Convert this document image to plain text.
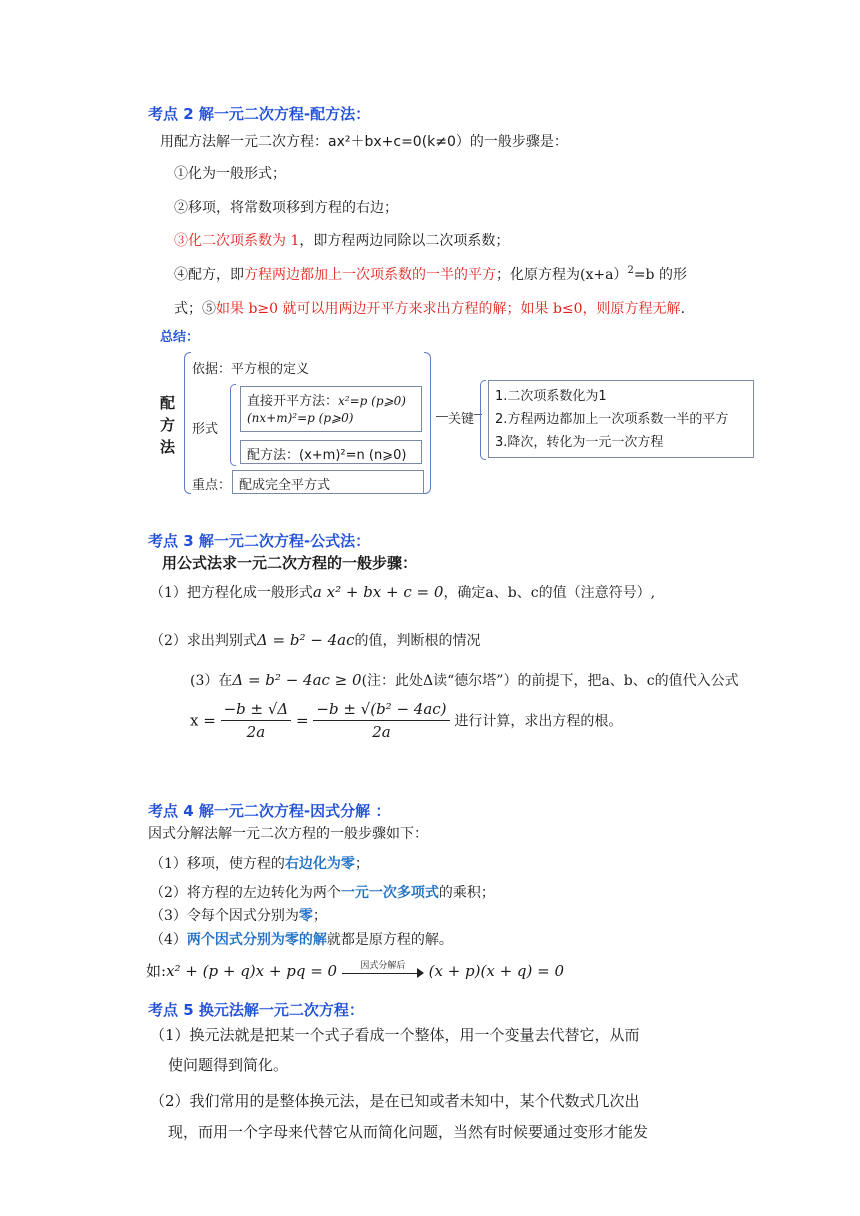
考点 2 解一元二次方程-配方法：
用配方法解一元二次方程：ax²＋bx+c=0(k≠0）的一般步骤是：
①化为一般形式；
②移项，将常数项移到方程的右边；
③化二次项系数为 1，即方程两边同除以二次项系数；
④配方，即方程两边都加上一次项系数的一半的平方；化原方程为(x+a）$^2$=b 的形
式；⑤如果 b≥0 就可以用两边开平方来求出方程的解；如果 b≤0，则原方程无解.
总结：
配
方
法
依据：平方根的定义
形式
直接开平方法：x²=p (p⩾0)
(nx+m)²=p (p⩾0)
配方法：(x+m)²=n (n⩾0)
重点： 配成完全平方式
关键
1.二次项系数化为1
2.方程两边都加上一次项系数一半的平方
3.降次，转化为一元一次方程
考点 3 解一元二次方程-公式法：
用公式法求一元二次方程的一般步骤：
（1）把方程化成一般形式a x² + bx + c = 0，确定a、b、c的值（注意符号）,
（2）求出判别式Δ = b² − 4ac的值，判断根的情况
(3）在Δ = b² − 4ac ≥ 0(注：此处Δ读“德尔塔”）的前提下，把a、b、c的值代入公式
$x = \frac{-b \pm √\Delta}{2a} = \frac{\text{−b ± √(b² − 4ac)}}{2a}$ 进行计算，求出方程的根。
考点 4 解一元二次方程-因式分解 ：
因式分解法解一元二次方程的一般步骤如下：
（1）移项，使方程的右边化为零；
（2）将方程的左边转化为两个一元一次多项式的乘积；
（3）令每个因式分别为零；
（4）两个因式分别为零的解就都是原方程的解。
如:x² + (p + q)x + pq = 0	因式分解后	(x + p)(x + q) = 0
考点 5 换元法解一元二次方程：
（1）换元法就是把某一个式子看成一个整体，用一个变量去代替它，从而
使问题得到简化。
（2）我们常用的是整体换元法，是在已知或者未知中，某个代数式几次出
现，而用一个字母来代替它从而简化问题，当然有时候要通过变形才能发
